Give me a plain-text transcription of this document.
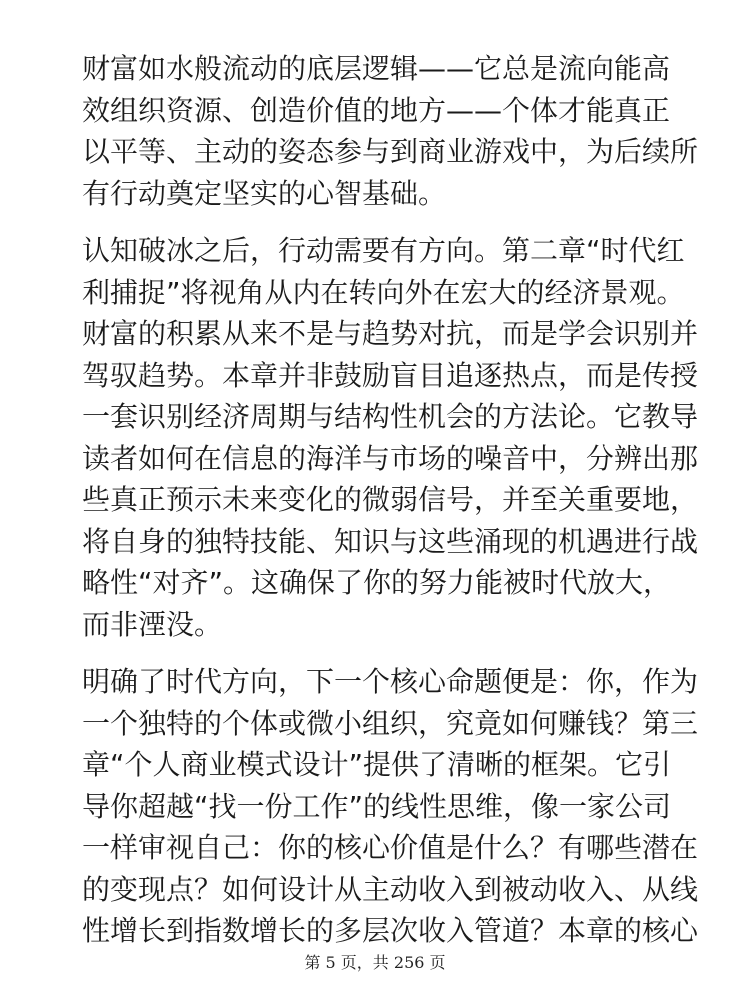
财富如水般流动的底层逻辑——它总是流向能高
效组织资源、创造价值的地方——个体才能真正
以平等、主动的姿态参与到商业游戏中，为后续所
有行动奠定坚实的心智基础。
认知破冰之后，行动需要有方向。第二章“时代红
利捕捉”将视角从内在转向外在宏大的经济景观。
财富的积累从来不是与趋势对抗，而是学会识别并
驾驭趋势。本章并非鼓励盲目追逐热点，而是传授
一套识别经济周期与结构性机会的方法论。它教导
读者如何在信息的海洋与市场的噪音中，分辨出那
些真正预示未来变化的微弱信号，并至关重要地，
将自身的独特技能、知识与这些涌现的机遇进行战
略性“对齐”。这确保了你的努力能被时代放大，
而非湮没。
明确了时代方向，下一个核心命题便是：你，作为
一个独特的个体或微小组织，究竟如何赚钱？第三
章“个人商业模式设计”提供了清晰的框架。它引
导你超越“找一份工作”的线性思维，像一家公司
一样审视自己：你的核心价值是什么？有哪些潜在
的变现点？如何设计从主动收入到被动收入、从线
性增长到指数增长的多层次收入管道？本章的核心
第 5 页，共 256 页
